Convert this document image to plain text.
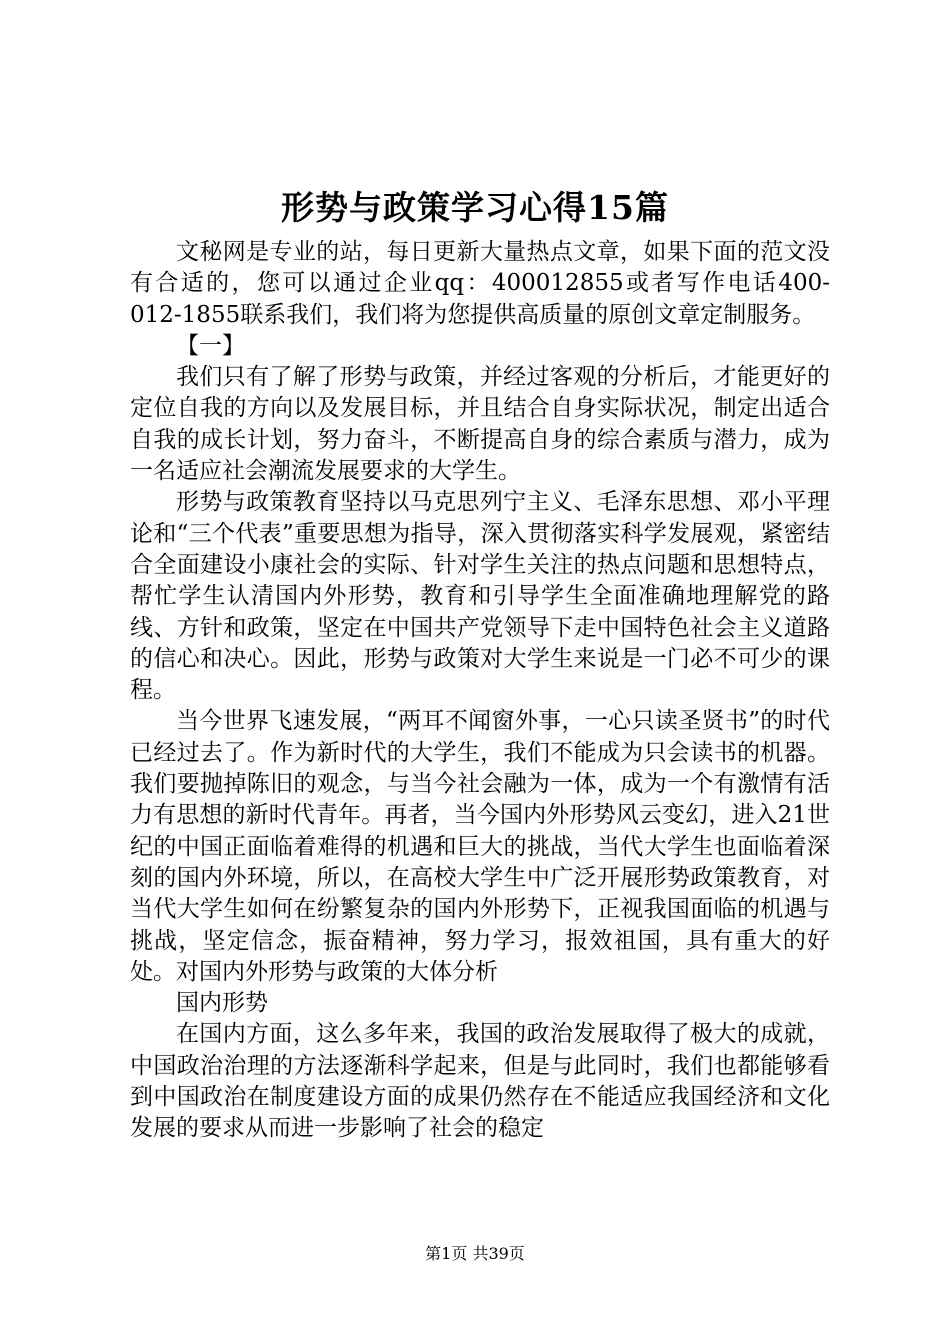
形势与政策学习心得15篇

文秘网是专业的站，每日更新大量热点文章，如果下面的范文没有合适的，您可以通过企业qq：400012855或者写作电话400-012-1855联系我们，我们将为您提供高质量的原创文章定制服务。

【一】

我们只有了解了形势与政策，并经过客观的分析后，才能更好的定位自我的方向以及发展目标，并且结合自身实际状况，制定出适合自我的成长计划，努力奋斗，不断提高自身的综合素质与潜力，成为一名适应社会潮流发展要求的大学生。

形势与政策教育坚持以马克思列宁主义、毛泽东思想、邓小平理论和“三个代表”重要思想为指导，深入贯彻落实科学发展观，紧密结合全面建设小康社会的实际、针对学生关注的热点问题和思想特点，帮忙学生认清国内外形势，教育和引导学生全面准确地理解党的路线、方针和政策，坚定在中国共产党领导下走中国特色社会主义道路的信心和决心。因此，形势与政策对大学生来说是一门必不可少的课程。

当今世界飞速发展，“两耳不闻窗外事，一心只读圣贤书”的时代已经过去了。作为新时代的大学生，我们不能成为只会读书的机器。我们要抛掉陈旧的观念，与当今社会融为一体，成为一个有激情有活力有思想的新时代青年。再者，当今国内外形势风云变幻，进入21世纪的中国正面临着难得的机遇和巨大的挑战，当代大学生也面临着深刻的国内外环境，所以，在高校大学生中广泛开展形势政策教育，对当代大学生如何在纷繁复杂的国内外形势下，正视我国面临的机遇与挑战，坚定信念，振奋精神，努力学习，报效祖国，具有重大的好处。对国内外形势与政策的大体分析

国内形势

在国内方面，这么多年来，我国的政治发展取得了极大的成就，中国政治治理的方法逐渐科学起来，但是与此同时，我们也都能够看到中国政治在制度建设方面的成果仍然存在不能适应我国经济和文化发展的要求从而进一步影响了社会的稳定

第1页 共39页
